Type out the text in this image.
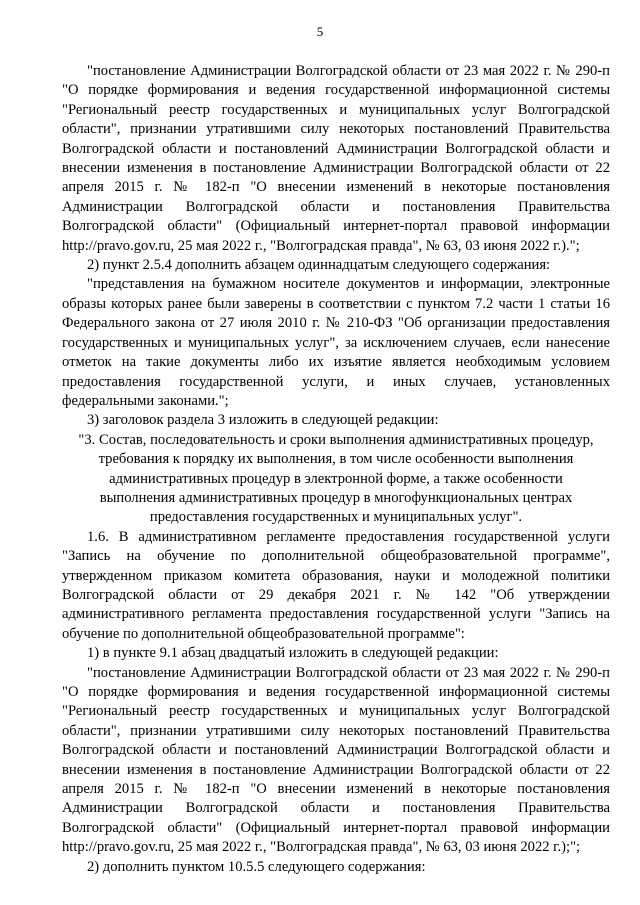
5

"постановление Администрации Волгоградской области от 23 мая 2022 г. № 290-п "О порядке формирования и ведения государственной информационной системы "Региональный реестр государственных и муниципальных услуг Волгоградской области", признании утратившими силу некоторых постановлений Правительства Волгоградской области и постановлений Администрации Волгоградской области и внесении изменения в постановление Администрации Волгоградской области от 22 апреля 2015 г. № 182-п "О внесении изменений в некоторые постановления Администрации Волгоградской области и постановления Правительства Волгоградской области" (Официальный интернет-портал правовой информации http://pravo.gov.ru, 25 мая 2022 г., "Волгоградская правда", № 63, 03 июня 2022 г.).";

2) пункт 2.5.4 дополнить абзацем одиннадцатым следующего содержания:

"представления на бумажном носителе документов и информации, электронные образы которых ранее были заверены в соответствии с пунктом 7.2 части 1 статьи 16 Федерального закона от 27 июля 2010 г. № 210-ФЗ "Об организации предоставления государственных и муниципальных услуг", за исключением случаев, если нанесение отметок на такие документы либо их изъятие является необходимым условием предоставления государственной услуги, и иных случаев, установленных федеральными законами.";

3) заголовок раздела 3 изложить в следующей редакции:

"3. Состав, последовательность и сроки выполнения административных процедур,
требования к порядку их выполнения, в том числе особенности выполнения
административных процедур в электронной форме, а также особенности
выполнения административных процедур в многофункциональных центрах
предоставления государственных и муниципальных услуг".

1.6. В административном регламенте предоставления государственной услуги "Запись на обучение по дополнительной общеобразовательной программе", утвержденном приказом комитета образования, науки и молодежной политики Волгоградской области от 29 декабря 2021 г. № 142 "Об утверждении административного регламента предоставления государственной услуги "Запись на обучение по дополнительной общеобразовательной программе":

1) в пункте 9.1 абзац двадцатый изложить в следующей редакции:

"постановление Администрации Волгоградской области от 23 мая 2022 г. № 290-п "О порядке формирования и ведения государственной информационной системы "Региональный реестр государственных и муниципальных услуг Волгоградской области", признании утратившими силу некоторых постановлений Правительства Волгоградской области и постановлений Администрации Волгоградской области и внесении изменения в постановление Администрации Волгоградской области от 22 апреля 2015 г. № 182-п "О внесении изменений в некоторые постановления Администрации Волгоградской области и постановления Правительства Волгоградской области" (Официальный интернет-портал правовой информации http://pravo.gov.ru, 25 мая 2022 г., "Волгоградская правда", № 63, 03 июня 2022 г.);";

2) дополнить пунктом 10.5.5 следующего содержания:
